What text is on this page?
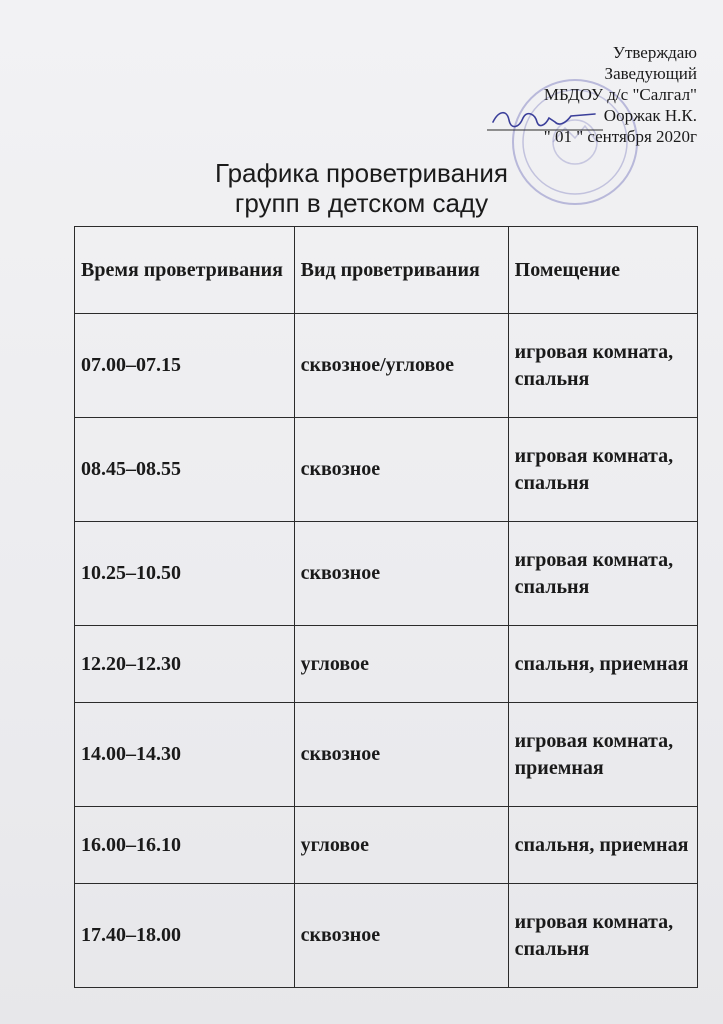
Утверждаю
Заведующий
МБДОУ д/с "Салгал"
Ооржак Н.К.
" 01 " сентября 2020г
Графика проветривания
групп в детском саду
Время проветривания	Вид проветривания	Помещение
07.00–07.15	сквозное/угловое	игровая комната, спальня
08.45–08.55	сквозное	игровая комната, спальня
10.25–10.50	сквозное	игровая комната, спальня
12.20–12.30	угловое	спальня, приемная
14.00–14.30	сквозное	игровая комната, приемная
16.00–16.10	угловое	спальня, приемная
17.40–18.00	сквозное	игровая комната, спальня
